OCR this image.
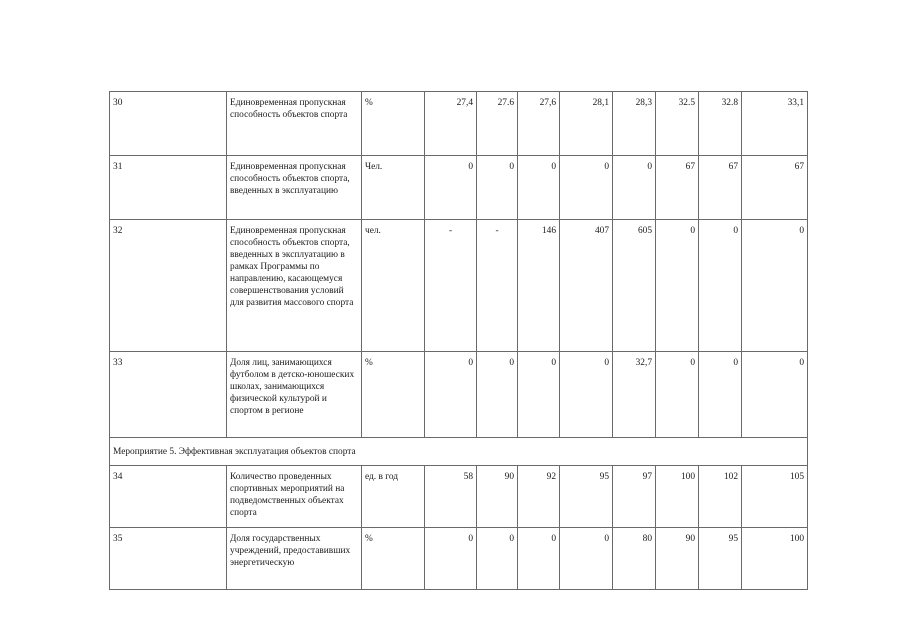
30	Единовременная пропускная способность объектов спорта	%	27,4	27.6	27,6	28,1	28,3	32.5	32.8	33,1
31	Единовременная пропускная способность объектов спорта, введенных в эксплуатацию	Чел.	0	0	0	0	0	67	67	67
32	Единовременная пропускная способность объектов спорта, введенных в эксплуатацию в рамках Программы по направлению, касающемуся совершенствования условий для развития массового спорта	чел.	-	-	146	407	605	0	0	0
33	Доля лиц, занимающихся футболом в детско-юношеских школах, занимающихся физической культурой и спортом в регионе	%	0	0	0	0	32,7	0	0	0
Мероприятие 5. Эффективная эксплуатация объектов спорта										
34	Количество проведенных спортивных мероприятий на подведомственных объектах спорта	ед. в год	58	90	92	95	97	100	102	105
35	Доля государственных учреждений, предоставивших энергетическую	%	0	0	0	0	80	90	95	100
